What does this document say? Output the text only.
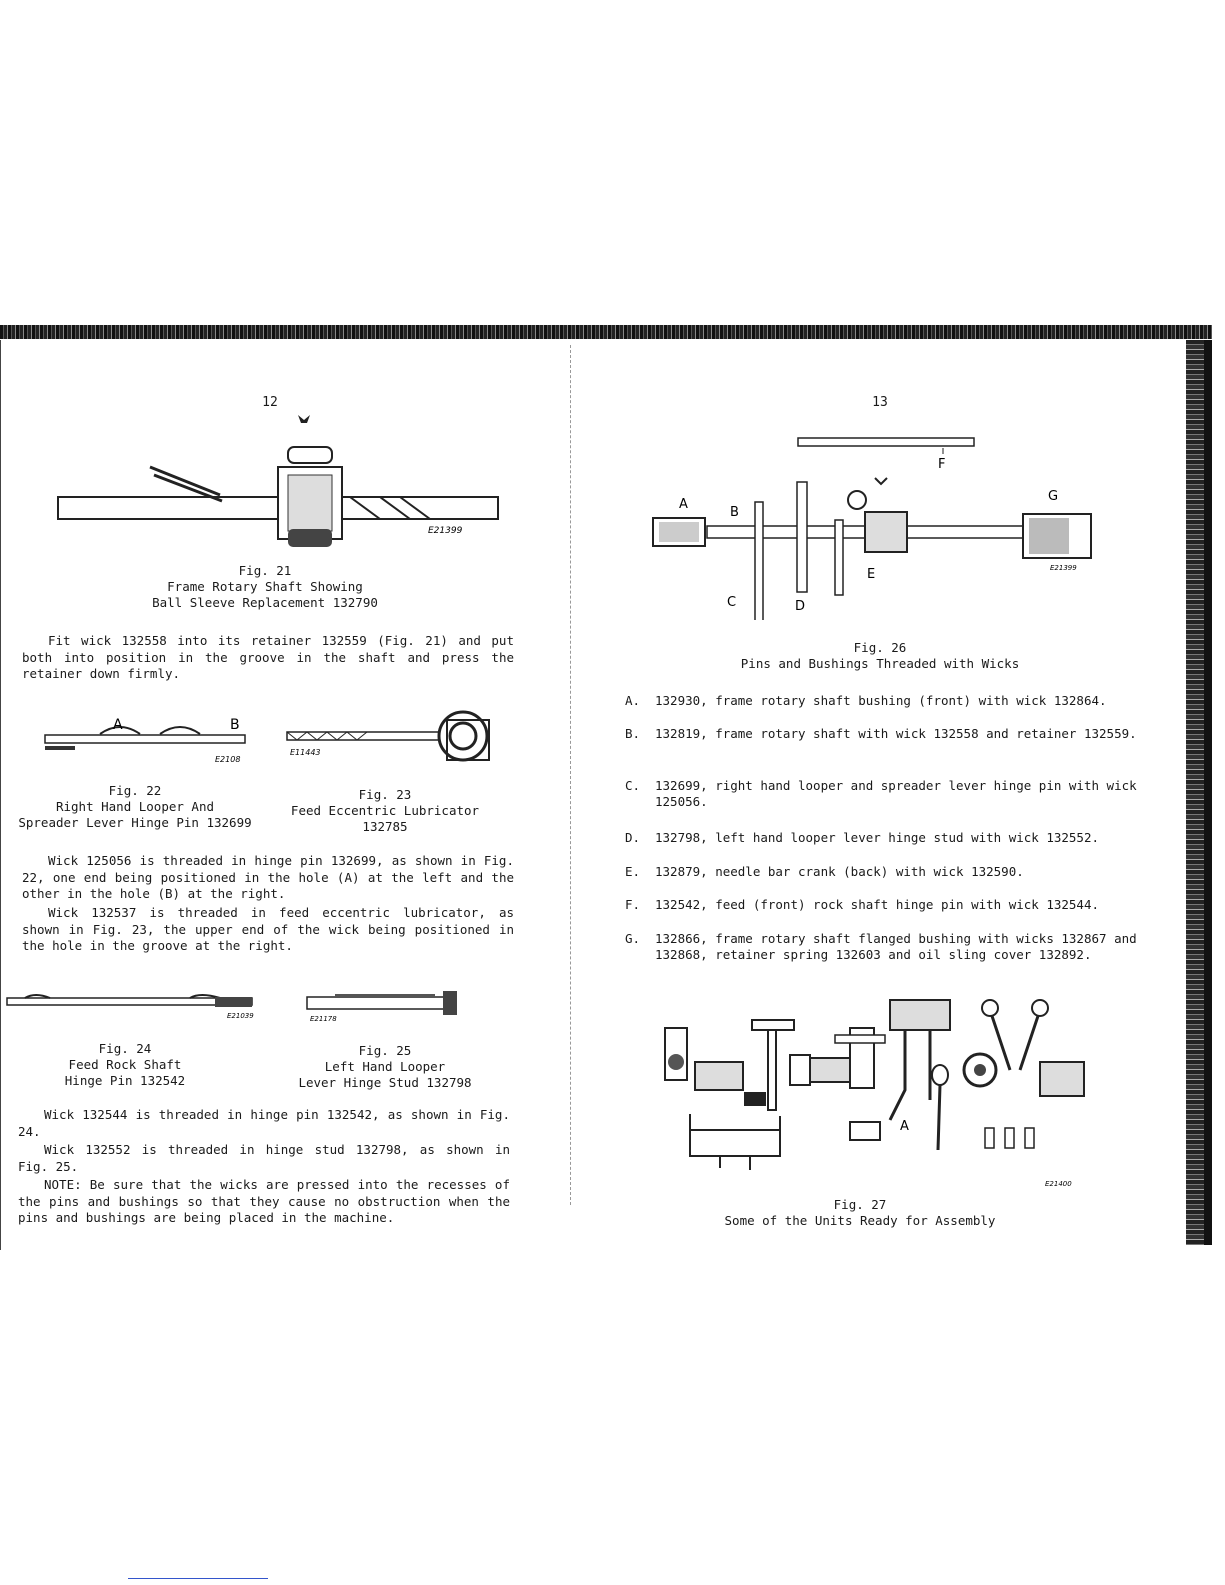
12
E21399
Fig. 21
Frame Rotary Shaft Showing
Ball Sleeve Replacement 132790
Fit wick 132558 into its retainer 132559 (Fig. 21) and put both into position in the groove in the shaft and press the retainer down firmly.
A	B
E2108
Fig. 22
Right Hand Looper And
Spreader Lever Hinge Pin 132699
E11443
Fig. 23
Feed Eccentric Lubricator
132785
Wick 125056 is threaded in hinge pin 132699, as shown in Fig. 22, one end being positioned in the hole (A) at the left and the other in the hole (B) at the right.
Wick 132537 is threaded in feed eccentric lubricator, as shown in Fig. 23, the upper end of the wick being positioned in the hole in the groove at the right.
E21039
Fig. 24
Feed Rock Shaft
Hinge Pin 132542
E21178
Fig. 25
Left Hand Looper
Lever Hinge Stud 132798
Wick 132544 is threaded in hinge pin 132542, as shown in Fig. 24.
Wick 132552 is threaded in hinge stud 132798, as shown in Fig. 25.
NOTE: Be sure that the wicks are pressed into the recesses of the pins and bushings so that they cause no obstruction when the pins and bushings are being placed in the machine.
13
F
A
B
C	D
E
G
E21399
Fig. 26
Pins and Bushings Threaded with Wicks
A.	132930, frame rotary shaft bushing (front) with wick 132864.
B.	132819, frame rotary shaft with wick 132558 and retainer 132559.
C.	132699, right hand looper and spreader lever hinge pin with wick 125056.
D.	132798, left hand looper lever hinge stud with wick 132552.
E.	132879, needle bar crank (back) with wick 132590.
F.	132542, feed (front) rock shaft hinge pin with wick 132544.
G.	132866, frame rotary shaft flanged bushing with wicks 132867 and 132868, retainer spring 132603 and oil sling cover 132892.
A
E21400
Fig. 27
Some of the Units Ready for Assembly
